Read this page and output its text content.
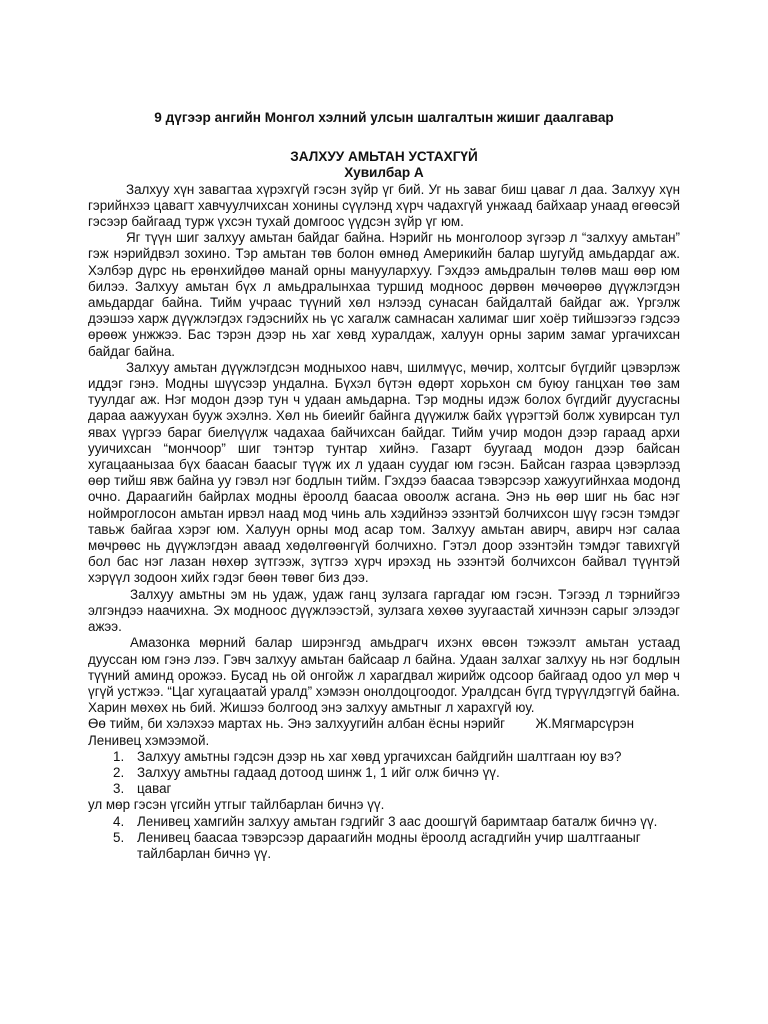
9 дүгээр ангийн Монгол хэлний улсын шалгалтын жишиг даалгавар

ЗАЛХУУ АМЬТАН УСТАХГҮЙ

Хувилбар А

Залхуу хүн завагтаа хүрэхгүй гэсэн зүйр үг бий. Уг нь заваг биш цаваг л даа. Залхуу хүн гэрийнхээ цавагт хавчуулчихсан хонины сүүлэнд хүрч чадахгүй унжаад байхаар унаад өгөөсэй гэсээр байгаад турж үхсэн тухай домгоос үүдсэн зүйр үг юм.

Яг түүн шиг залхуу амьтан байдаг байна. Нэрийг нь монголоор зүгээр л “залхуу амьтан” гэж нэрийдвэл зохино. Тэр амьтан төв болон өмнөд Америкийн балар шугуйд амьдардаг аж. Хэлбэр дүрс нь ерөнхийдөө манай орны мануулархуу. Гэхдээ амьдралын төлөв маш өөр юм билээ. Залхуу амьтан бүх л амьдралынхаа туршид модноос дөрвөн мөчөөрөө дүүжлэгдэн амьдардаг байна. Тийм учраас түүний хөл нэлээд сунасан байдалтай байдаг аж. Үргэлж дээшээ харж дүүжлэгдэх гэдэснийх нь үс хагалж самнасан халимаг шиг хоёр тийшээгээ гэдсээ өрөөж унжжээ. Бас тэрэн дээр нь хаг хөвд хуралдаж, халуун орны зарим замаг ургачихсан байдаг байна.

Залхуу амьтан дүүжлэгдсэн модныхоо навч, шилмүүс, мөчир, холтсыг бүгдийг цэвэрлэж иддэг гэнэ. Модны шүүсээр ундална. Бүхэл бүтэн өдөрт хорьхон см буюу ганцхан төө зам туулдаг аж. Нэг модон дээр тун ч удаан амьдарна. Тэр модны идэж болох бүгдийг дуусгасны дараа аажуухан бууж эхэлнэ. Хөл нь биеийг байнга дүүжилж байх үүрэгтэй болж хувирсан тул явах үүргээ бараг биелүүлж чадахаа байчихсан байдаг. Тийм учир модон дээр гараад архи ууичихсан “мончоор” шиг тэнтэр тунтар хийнэ. Газарт буугаад модон дээр байсан хугацаанызаа бүх баасан баасыг түүж их л удаан суудаг юм гэсэн. Байсан газраа цэвэрлээд өөр тийш явж байна уу гэвэл нэг бодлын тийм. Гэхдээ баасаа тэвэрсээр хажуугийнхаа модонд очно. Дараагийн байрлах модны ёроолд баасаа овоолж асгана. Энэ нь өөр шиг нь бас нэг ноймроглосон амьтан ирвэл наад мод чинь аль хэдийнээ эзэнтэй болчихсон шүү гэсэн тэмдэг тавьж байгаа хэрэг юм. Халуун орны мод асар том. Залхуу амьтан авирч, авирч нэг салаа мөчрөөс нь дүүжлэгдэн аваад хөдөлгөөнгүй болчихно. Гэтэл доор эзэнтэйн тэмдэг тавихгүй бол бас нэг лазан нөхөр зүтгээж, зүтгээ хүрч ирэхэд нь эзэнтэй болчихсон байвал түүнтэй хэрүүл зодоон хийх гэдэг бөөн төвөг биз дээ.

Залхуу амьтны эм нь удаж, удаж ганц зулзага гаргадаг юм гэсэн. Тэгээд л тэрнийгээ элгэндээ наачихна. Эх модноос дүүжлээстэй, зулзага хөхөө зуугаастай хичнээн сарыг элээдэг ажээ.

Амазонка мөрний балар ширэнгэд амьдрагч ихэнх өвсөн тэжээлт амьтан устаад дууссан юм гэнэ лээ. Гэвч залхуу амьтан байсаар л байна. Удаан залхаг залхуу нь нэг бодлын түүний аминд орожээ. Бусад нь ой онгойж л харагдвал жирийж одсоор байгаад одоо ул мөр ч үгүй устжээ. “Цаг хугацаатай уралд” хэмээн онолдоцгоодог. Уралдсан бүгд түрүүлдэггүй байна. Харин мөхөх нь бий. Жишээ болгоод энэ залхуу амьтныг л харахгүй юу.

Өө тийм, би хэлэхээ мартах нь. Энэ залхуугийн албан ёсны нэрийг Ленивец хэмээмой.
Ж.Мягмарсүрэн
1. Залхуу амьтны гэдсэн дээр нь хаг хөвд ургачихсан байдгийн шалтгаан юу вэ?
2. Залхуу амьтны гадаад дотоод шинж 1, 1 ийг олж бичнэ үү.
3. цаваг

ул мөр гэсэн үгсийн утгыг тайлбарлан бичнэ үү.

4. Ленивец хамгийн залхуу амьтан гэдгийг 3 аас доошгүй баримтаар баталж бичнэ үү.
5. Ленивец баасаа тэвэрсээр дараагийн модны ёроолд асгадгийн учир шалтгааныг тайлбарлан бичнэ үү.
